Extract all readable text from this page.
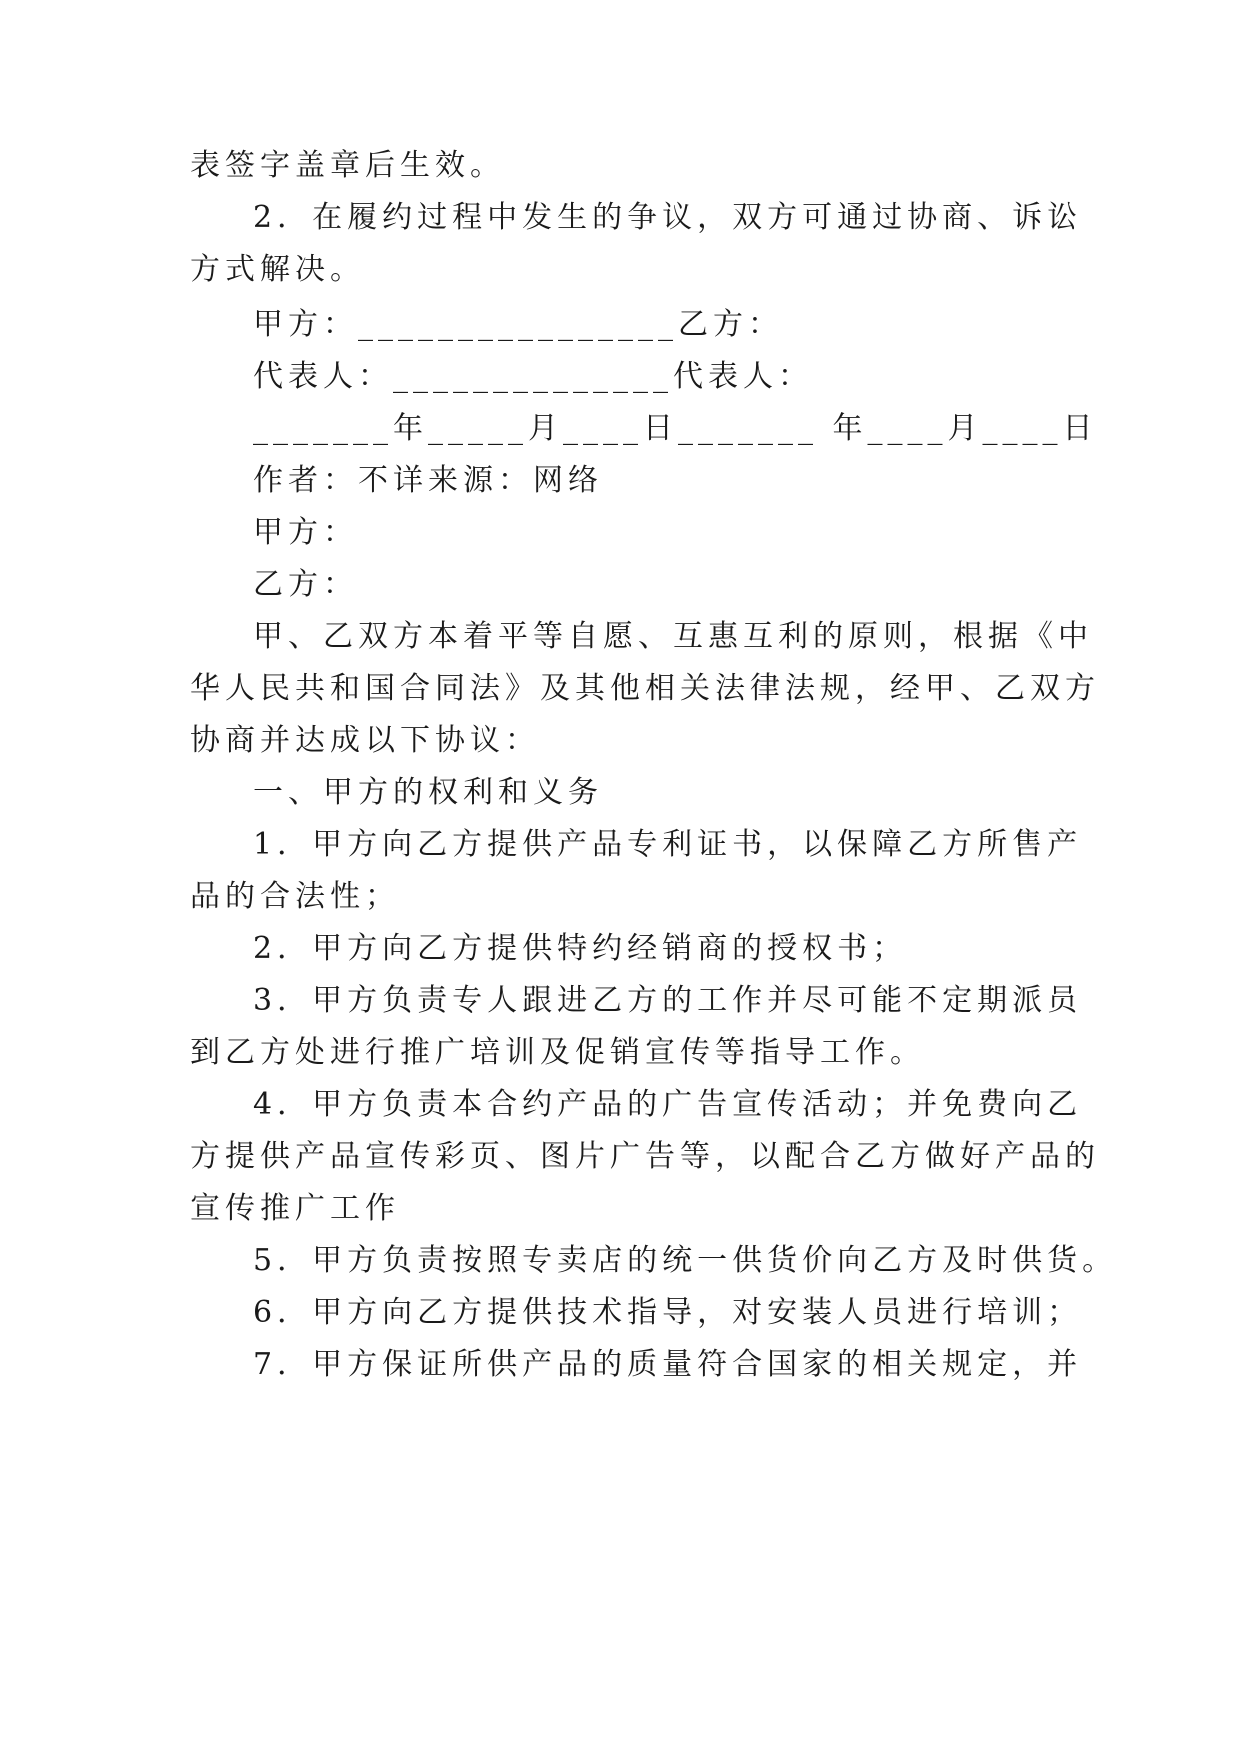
表签字盖章后生效。
2．在履约过程中发生的争议，双方可通过协商、诉讼
方式解决。
甲方：________________乙方：
代表人：______________代表人：
_______年_____月____日_______ 年____月____日
作者：不详来源：网络
甲方：
乙方：
甲、乙双方本着平等自愿、互惠互利的原则，根据《中
华人民共和国合同法》及其他相关法律法规，经甲、乙双方
协商并达成以下协议：
一、甲方的权利和义务
1．甲方向乙方提供产品专利证书，以保障乙方所售产
品的合法性；
2．甲方向乙方提供特约经销商的授权书；
3．甲方负责专人跟进乙方的工作并尽可能不定期派员
到乙方处进行推广培训及促销宣传等指导工作。
4．甲方负责本合约产品的广告宣传活动；并免费向乙
方提供产品宣传彩页、图片广告等，以配合乙方做好产品的
宣传推广工作
5．甲方负责按照专卖店的统一供货价向乙方及时供货。
6．甲方向乙方提供技术指导，对安装人员进行培训；
7．甲方保证所供产品的质量符合国家的相关规定，并
